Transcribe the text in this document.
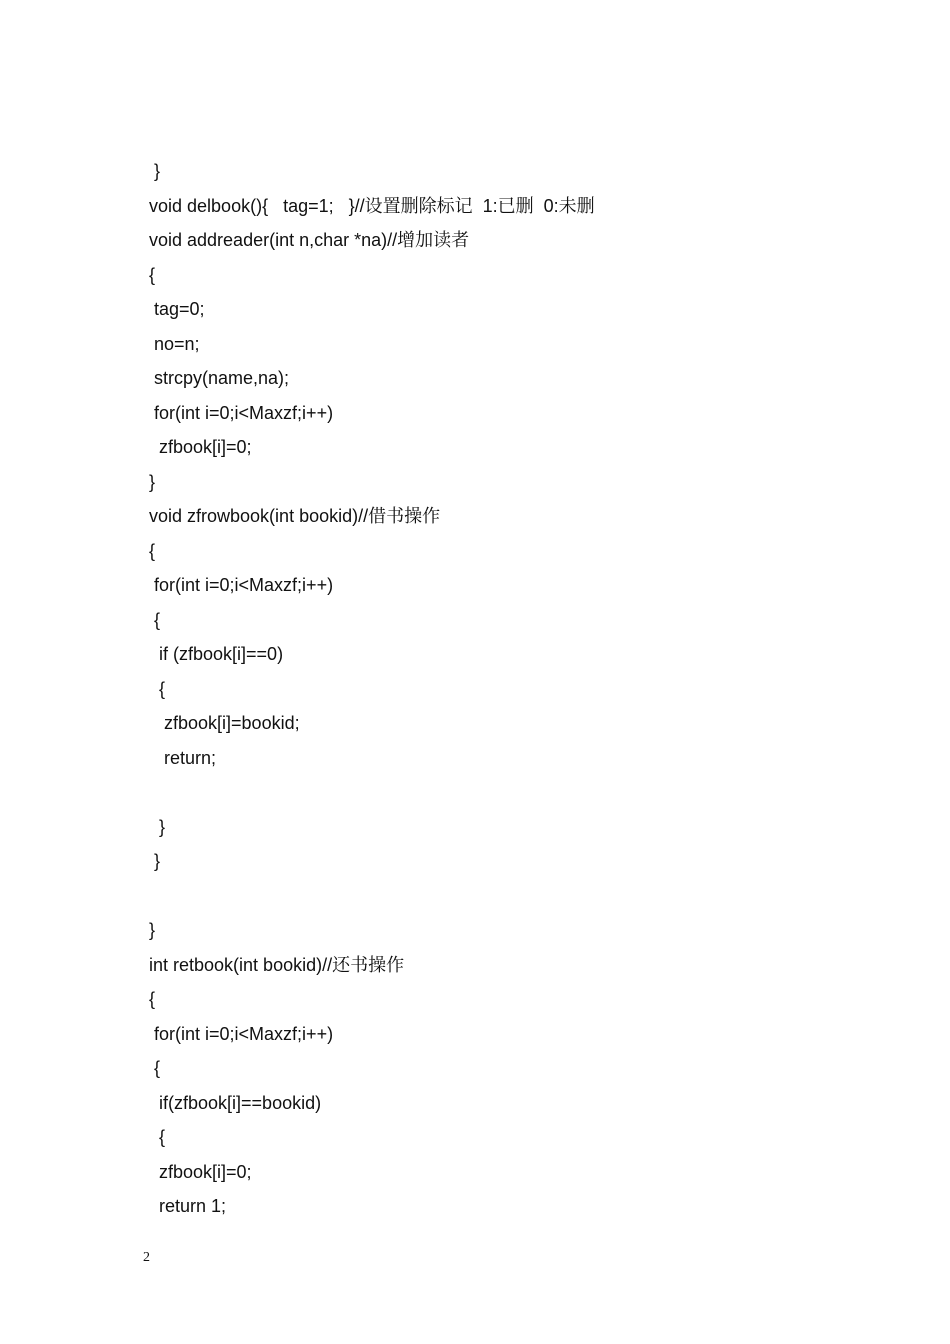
}
void delbook(){   tag=1;   }//设置删除标记  1:已删  0:未删
void addreader(int n,char *na)//增加读者
{
tag=0;
no=n;
strcpy(name,na);
for(int i=0;i<Maxzf;i++)
zfbook[i]=0;
}
void zfrowbook(int bookid)//借书操作
{
for(int i=0;i<Maxzf;i++)
{
if (zfbook[i]==0)
{
zfbook[i]=bookid;
return;
}
}
}
int retbook(int bookid)//还书操作
{
for(int i=0;i<Maxzf;i++)
{
if(zfbook[i]==bookid)
{
zfbook[i]=0;
return 1;
2
